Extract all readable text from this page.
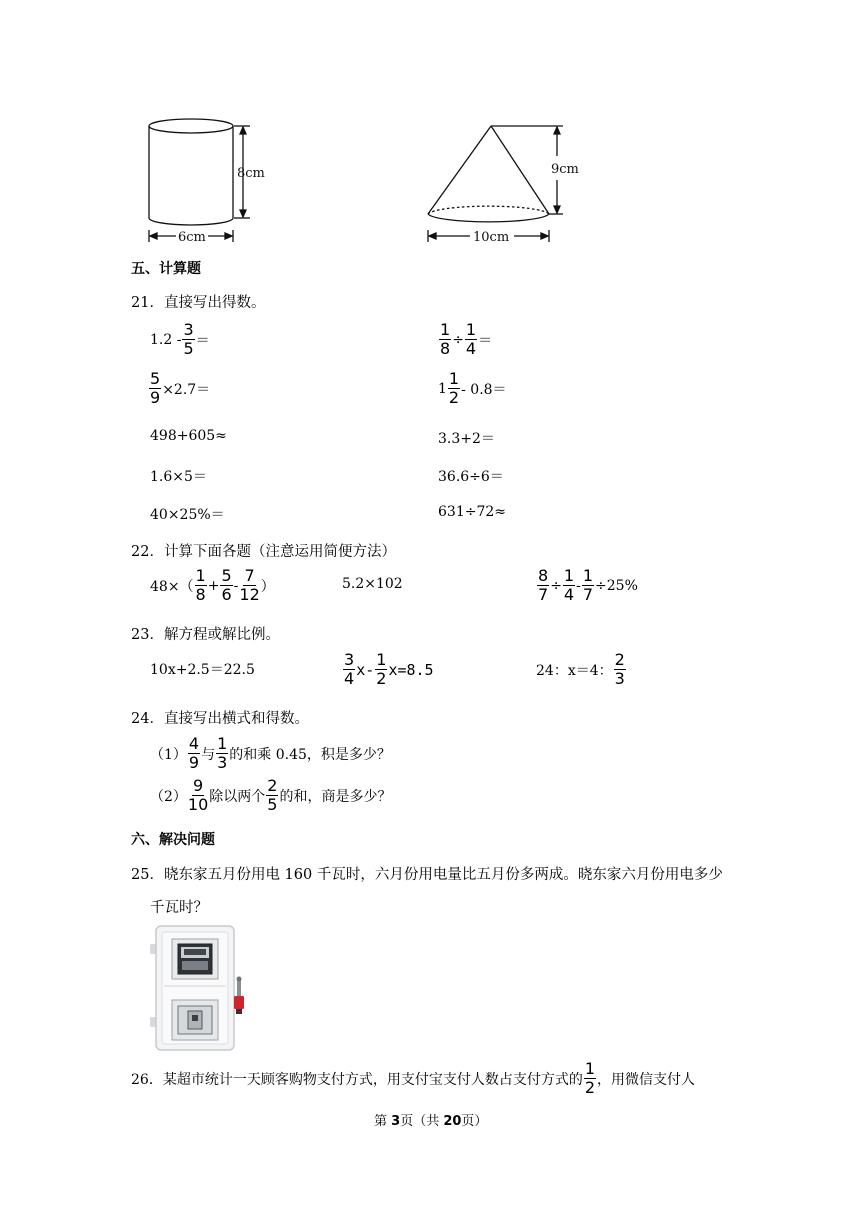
8cm
6cm
9cm
10cm
五、计算题
21．直接写出得数。
$1.2 - \frac{3}{5}$ ＝	$\frac{1}{8} \div \frac{1}{4}$ ＝
$\frac{5}{9} \times 2.7=$	$1 \frac{1}{2} - 0.8=$
498+605≈	3.3+2＝
1.6×5＝	36.6÷6＝
40×25%＝	631÷72≈
22．计算下面各题（注意运用简便方法）
$48\times( \frac{1}{8} + \frac{5}{6} - \frac{7}{12}$ ）	5.2×102	$\frac{8}{7} \div \frac{1}{4} - \frac{1}{7} \div 25\%$
23．解方程或解比例。
10x+2.5＝22.5	$\frac{3}{4} x- \frac{1}{2} x=8.5$	24：x＝4： $\frac{2}{3}$
24．直接写出横式和得数。
$(1) \frac{4}{9}$ 与 $\frac{1}{3}$ 的和乘 0.45，积是多少？
$(2) \frac{9}{10}$ 除以两个 $\frac{2}{5}$ 的和，商是多少？
六、解决问题
25．晓东家五月份用电 160 千瓦时，六月份用电量比五月份多两成。晓东家六月份用电多少
千瓦时？
26．某超市统计一天顾客购物支付方式，用支付宝支付人数占支付方式的 $\frac{1}{2}$ ，用微信支付人
第 3页（共 20页）
